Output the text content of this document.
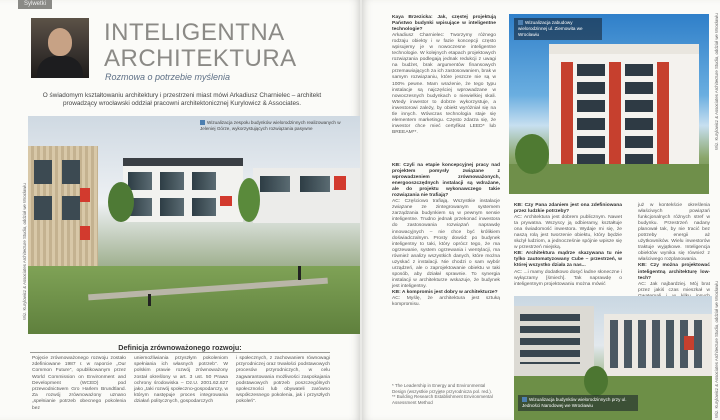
Sylwetki
INTELIGENTNA
ARCHITEKTURA
Rozmowa o potrzebie myślenia
O świadomym kształtowaniu architektury i przestrzeni miast mówi Arkadiusz Charnielec – architekt prowadzący wrocławski oddział pracowni architektonicznej Kurylowicz & Associates.
Wizualizacja zespołu budynków wielorodzinnych realizowanych w Jeleniej Górze, wykorzystujących rozwiązania pasywne
Wiz. Kurylowicz & Associates Architecture Studio, oddział we Wrocławiu
Definicja zrównoważonego rozwoju:
Pojęcie zrównoważonego rozwoju zostało zdefiniowane 1987 r. w raporcie „Our Common Future”, opublikowanym przez World Commission on Environment and Development (WCED) pod przewodnictwem Gro Harlem Brundtland. Za rozwój zrównoważony uznano „spełnianie potrzeb obecnego pokolenia bez
uniemożliwiania przyszłym pokoleniom spełniania ich własnych potrzeb”. W polskim prawie rozwój zrównoważony został określony w art. 3 ust. 50 Prawa ochrony środowiska – Dz.U. 2001.62.627 jako „taki rozwój społeczno-gospodarczy, w którym następuje proces integrowania działań politycznych, gospodarczych
i społecznych, z zachowaniem równowagi przyrodniczej oraz trwałości podstawowych procesów przyrodniczych, w celu zagwarantowania możliwości zaspokajania podstawowych potrzeb poszczególnych społeczności lub obywateli zarówno współczesnego pokolenia, jak i przyszłych pokoleń”.

Kaya Brzezicka: Jak, częstej projektują Państwo budynki wpisujące w inteligentne technologie?

Arkadiusz Charnielec: Tworzymy różnego rodzaju obiekty i w fazie koncepcji często wpisujemy je w nowoczesne inteligentne technologie. W kolejnych etapach projektowych rozwiązania podlegają jednak redukcji z uwagi na budżet, brak argumentów finansowych przemawiających za ich zastosowaniem, brak w samym rozwiązaniu, które jeszcze nie są w 100% pewne. Mam wrażenie, że tego typu instalacje są najczęściej wprowadzane w nowoczesnych budynkach o niewielkiej skali. Wtedy inwestor to dobrze wykorzystuje, a inwestorowi zależy, by obiekt wyróżniał się na tle innych. Wówczas technologia staje się elementem marketingu. Często zdarza się, że inwestor chce mieć certyfikat LEED* lub BREEAM**.

KB: Czyli na etapie koncepcyjnej pracy nad projektem pomysły związane z wprowadzeniem zrównoważonych, energooszczędnych instalacji są wdrażane, ale do projektu wykonawczego takie rozwiązania nie trafiają?

AC: Częściowo trafiają. Wszystkie instalacje związane ze zintegrowanym systemem zarządzania budynkiem są w pewnym sensie inteligentne. Trudno jednak przekonać inwestora do zastosowania rozwiązań naprawdę innowacyjnych – nie chce być królikiem doświadczalnym. Prosty dowód: po budynek inteligentny to taki, który oprócz tego, że ma ogrzewanie, system ogrzewania i wentylacji, ma również analizy wszystkich danych, które można uzyskać z instalacji. Nie chodzi o sam wybór urządzeń, ale o zaprojektowanie obiektu w taki sposób, aby działał sprawnie. To synergia instalacji w architekturze wskazuje, że budynek jest inteligentny.

KB: A kompromis jest dobry w architekturze?

AC: Myślę, że architektura jest sztuką kompromisu.

* The Leadership in Energy and Environmental Design (wszystkie przyjęte przyrodnicza pol. red.).

** Building Research Establishment Environmental Assessment Method

Wizualizacja zabudowy wielorodzinnej ul. Ziemowita we Wrocławiu	Wiz. Kurylowicz & Associates Architecture Studio, oddział we Wrocławiu

KB: Czy Pana zdaniem jest ona zdefiniowana przez ludzkie potrzeby?

AC: Architektura jest dobrem publicznym. Nawet ta prywatna. Wszyscy ją odbieramy, kształtuje ona świadomość inwestora. Wydaje mi się, że naszą rolą jest tworzenie obiektu, który będzie służył ludziom, a jednocześnie spójnie wpisze się w przestrzeń miejską.

KB: Architektura mądrze skazywana tu nie tylko zautomatyzowany Cube – przestrzeń, w której wszystko działa za nas...

AC: ...i mamy dodatkowo dosyć ładne słoneczne i wyłączamy [śmiech]. Tak naprawdę o inteligentnym projektowaniu można mówić

już w kontekście określenia właściwych powiązań funkcjonalnych różnych stref w budynku. Przestrzeń nadany planował tak, by nie tracić bez potrzeby energii aż użytkowników. Wielu inwestorów traktuje wyjątkowe. Inteligencja obiektów wynika się również z właściwego rozplanowania.

KB: Czy można projektować inteligentną architekturę low-tech?

AC: Jak najbardziej. Mój brat przez jakiś czas mieszkał w

Wizualizacja budynków wielorodzinnych przy ul. Jedności Narodowej we Wrocławiu	Wiz. Kurylowicz & Associates Architecture Studio, oddział we Wrocławiu
